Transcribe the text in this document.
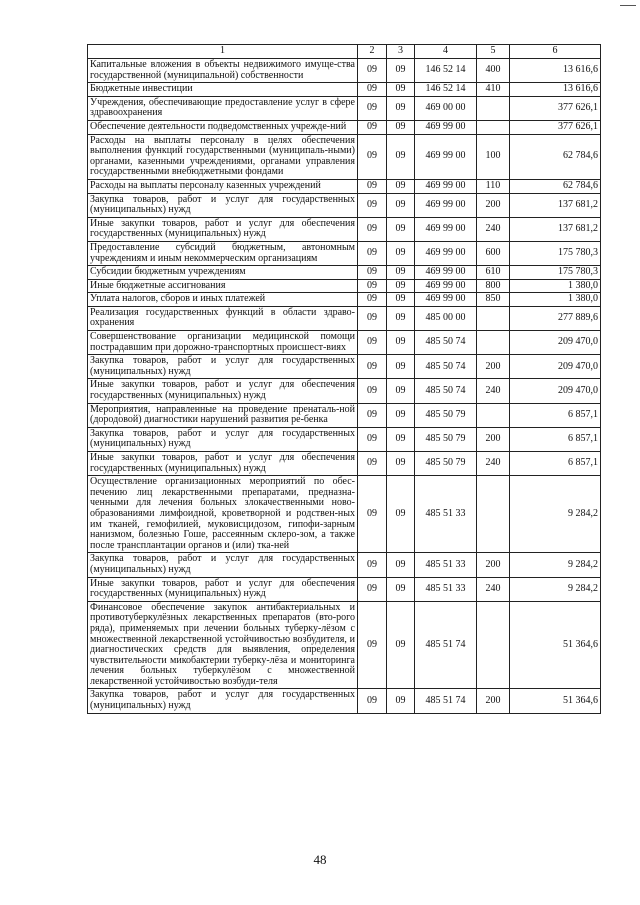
1	2	3	4	5	6
Капитальные вложения в объекты недвижимого имуще-ства государственной (муниципальной) собственности	09	09	146 52 14	400	13 616,6
Бюджетные инвестиции	09	09	146 52 14	410	13 616,6
Учреждения, обеспечивающие предоставление услуг в сфере здравоохранения	09	09	469 00 00		377 626,1
Обеспечение деятельности подведомственных учрежде-ний	09	09	469 99 00		377 626,1
Расходы на выплаты персоналу в целях обеспечения выполнения функций государственными (муниципаль-ными) органами, казенными учреждениями, органами управления государственными внебюджетными фондами	09	09	469 99 00	100	62 784,6
Расходы на выплаты персоналу казенных учреждений	09	09	469 99 00	110	62 784,6
Закупка товаров, работ и услуг для государственных (муниципальных) нужд	09	09	469 99 00	200	137 681,2
Иные закупки товаров, работ и услуг для обеспечения государственных (муниципальных) нужд	09	09	469 99 00	240	137 681,2
Предоставление субсидий бюджетным, автономным учреждениям и иным некоммерческим организациям	09	09	469 99 00	600	175 780,3
Субсидии бюджетным учреждениям	09	09	469 99 00	610	175 780,3
Иные бюджетные ассигнования	09	09	469 99 00	800	1 380,0
Уплата налогов, сборов и иных платежей	09	09	469 99 00	850	1 380,0
Реализация государственных функций в области здраво-охранения	09	09	485 00 00		277 889,6
Совершенствование организации медицинской помощи пострадавшим при дорожно-транспортных происшест-виях	09	09	485 50 74		209 470,0
Закупка товаров, работ и услуг для государственных (муниципальных) нужд	09	09	485 50 74	200	209 470,0
Иные закупки товаров, работ и услуг для обеспечения государственных (муниципальных) нужд	09	09	485 50 74	240	209 470,0
Мероприятия, направленные на проведение пренаталь-ной (дородовой) диагностики нарушений развития ре-бенка	09	09	485 50 79		6 857,1
Закупка товаров, работ и услуг для государственных (муниципальных) нужд	09	09	485 50 79	200	6 857,1
Иные закупки товаров, работ и услуг для обеспечения государственных (муниципальных) нужд	09	09	485 50 79	240	6 857,1
Осуществление организационных мероприятий по обес-печению лиц лекарственными препаратами, предназна-ченными для лечения больных злокачественными ново-образованиями лимфоидной, кроветворной и родствен-ных им тканей, гемофилией, муковисцидозом, гипофи-зарным нанизмом, болезнью Гоше, рассеянным склеро-зом, а также после трансплантации органов и (или) тка-ней	09	09	485 51 33		9 284,2
Закупка товаров, работ и услуг для государственных (муниципальных) нужд	09	09	485 51 33	200	9 284,2
Иные закупки товаров, работ и услуг для обеспечения государственных (муниципальных) нужд	09	09	485 51 33	240	9 284,2
Финансовое обеспечение закупок антибактериальных и противотуберкулёзных лекарственных препаратов (вто-рого ряда), применяемых при лечении больных туберку-лёзом с множественной лекарственной устойчивостью возбудителя, и диагностических средств для выявления, определения чувствительности микобактерии туберку-лёза и мониторинга лечения больных туберкулёзом с множественной лекарственной устойчивостью возбуди-теля	09	09	485 51 74		51 364,6
Закупка товаров, работ и услуг для государственных (муниципальных) нужд	09	09	485 51 74	200	51 364,6
48
